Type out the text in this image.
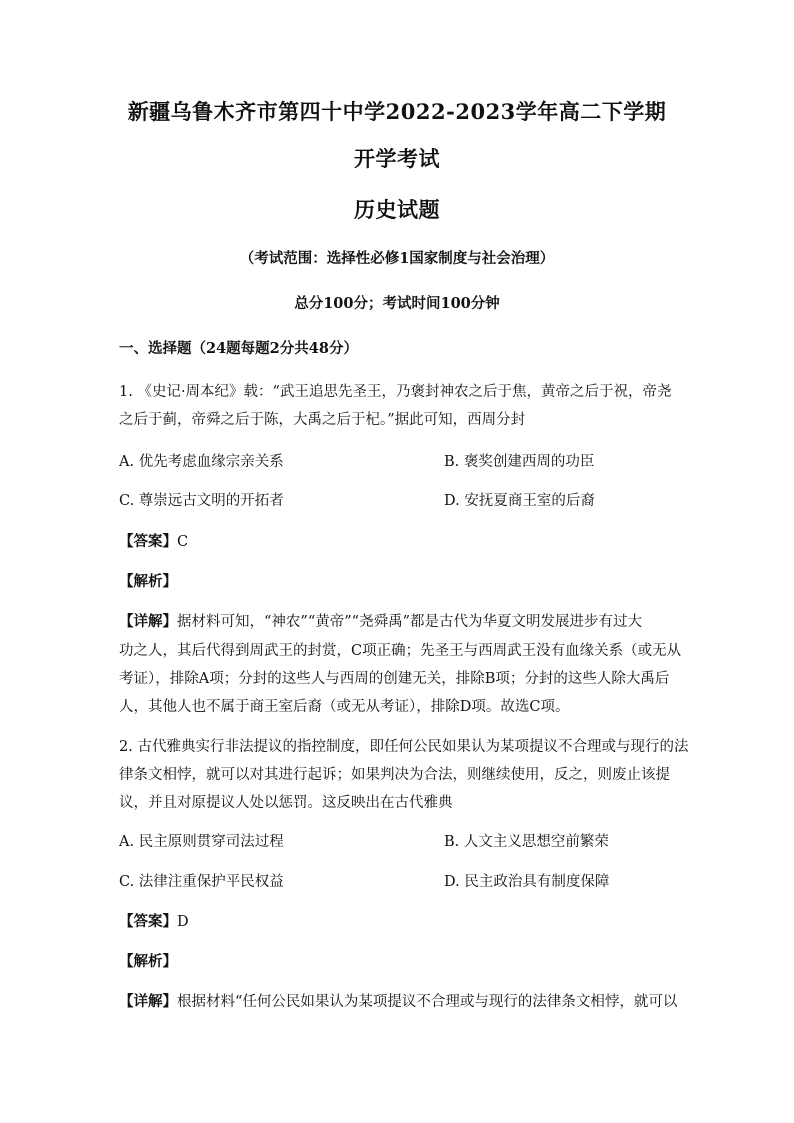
新疆乌鲁木齐市第四十中学2022-2023学年高二下学期
开学考试
历史试题
（考试范围：选择性必修1国家制度与社会治理）
总分100分；考试时间100分钟
一、选择题（24题每题2分共48分）
1. 《史记·周本纪》载：“武王追思先圣王，乃褒封神农之后于焦，黄帝之后于祝，帝尧
之后于蓟，帝舜之后于陈，大禹之后于杞。”据此可知，西周分封
A. 优先考虑血缘宗亲关系	B. 褒奖创建西周的功臣
C. 尊崇远古文明的开拓者	D. 安抚夏商王室的后裔
【答案】C
【解析】
【详解】据材料可知，“神农”“黄帝”“尧舜禹”都是古代为华夏文明发展进步有过大
功之人，其后代得到周武王的封赏，C项正确；先圣王与西周武王没有血缘关系（或无从
考证），排除A项；分封的这些人与西周的创建无关，排除B项；分封的这些人除大禹后
人，其他人也不属于商王室后裔（或无从考证），排除D项。故选C项。
2. 古代雅典实行非法提议的指控制度，即任何公民如果认为某项提议不合理或与现行的法
律条文相悖，就可以对其进行起诉；如果判决为合法，则继续使用，反之，则废止该提
议，并且对原提议人处以惩罚。这反映出在古代雅典
A. 民主原则贯穿司法过程	B. 人文主义思想空前繁荣
C. 法律注重保护平民权益	D. 民主政治具有制度保障
【答案】D
【解析】
【详解】根据材料“任何公民如果认为某项提议不合理或与现行的法律条文相悖，就可以
